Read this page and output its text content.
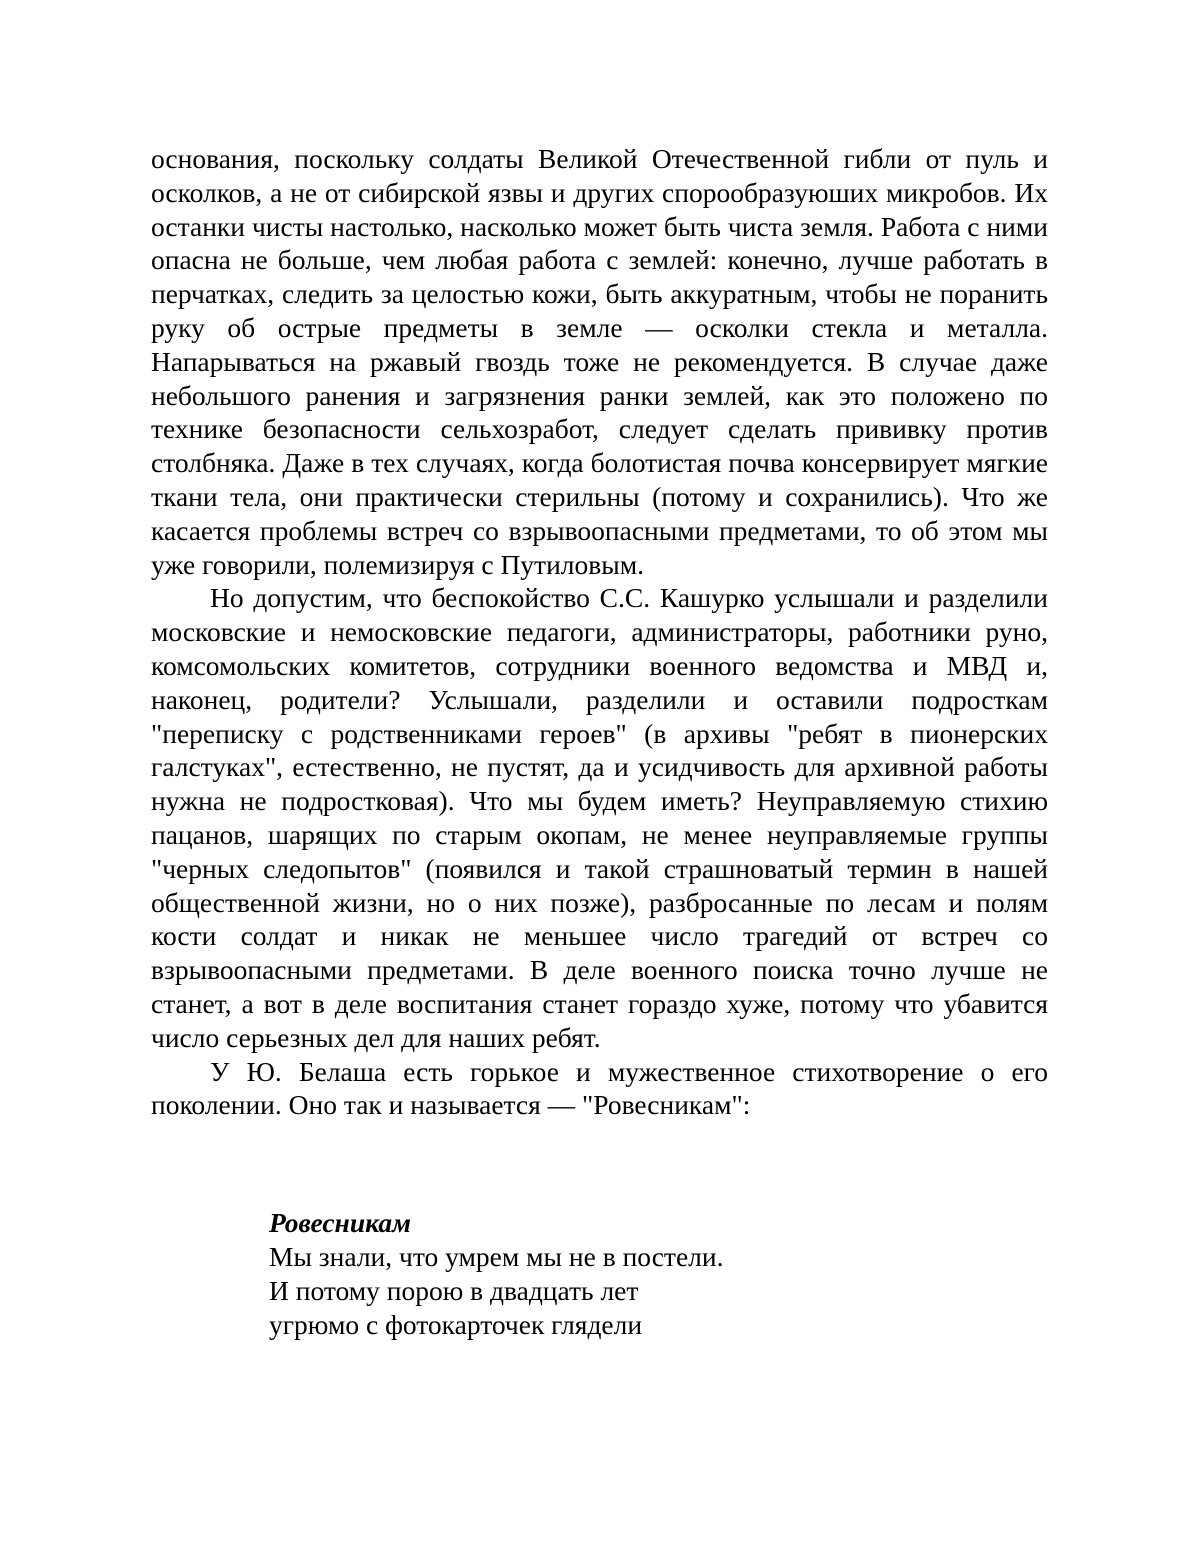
основания, поскольку солдаты Великой Отечественной гибли от пуль и осколков, а не от сибирской язвы и других спорообразуюших микробов. Их останки чисты настолько, насколько может быть чиста земля. Работа с ними опасна не больше, чем любая работа с землей: конечно, лучше работать в перчатках, следить за целостью кожи, быть аккуратным, чтобы не поранить руку об острые предметы в земле — осколки стекла и металла. Напарываться на ржавый гвоздь тоже не рекомендуется. В случае даже небольшого ранения и загрязнения ранки землей, как это положено по технике безопасности сельхозработ, следует сделать прививку против столбняка. Даже в тех случаях, когда болотистая почва консервирует мягкие ткани тела, они практически стерильны (потому и сохранились). Что же касается проблемы встреч со взрывоопасными предметами, то об этом мы уже говорили, полемизируя с Путиловым.

Но допустим, что беспокойство С.С. Кашурко услышали и разделили московские и немосковские педагоги, администраторы, работники руно, комсомольских комитетов, сотрудники военного ведомства и МВД и, наконец, родители? Услышали, разделили и оставили подросткам "переписку с родственниками героев" (в архивы "ребят в пионерских галстуках", естественно, не пустят, да и усидчивость для архивной работы нужна не подростковая). Что мы будем иметь? Неуправляемую стихию пацанов, шарящих по старым окопам, не менее неуправляемые группы "черных следопытов" (появился и такой страшноватый термин в нашей общественной жизни, но о них позже), разбросанные по лесам и полям кости солдат и никак не меньшее число трагедий от встреч со взрывоопасными предметами. В деле военного поиска точно лучше не станет, а вот в деле воспитания станет гораздо хуже, потому что убавится число серьезных дел для наших ребят.

У Ю. Белаша есть горькое и мужественное стихотворение о его поколении. Оно так и называется — "Ровесникам":

Ровесникам

Мы знали, что умрем мы не в постели.

И потому порою в двадцать лет

угрюмо с фотокарточек глядели
